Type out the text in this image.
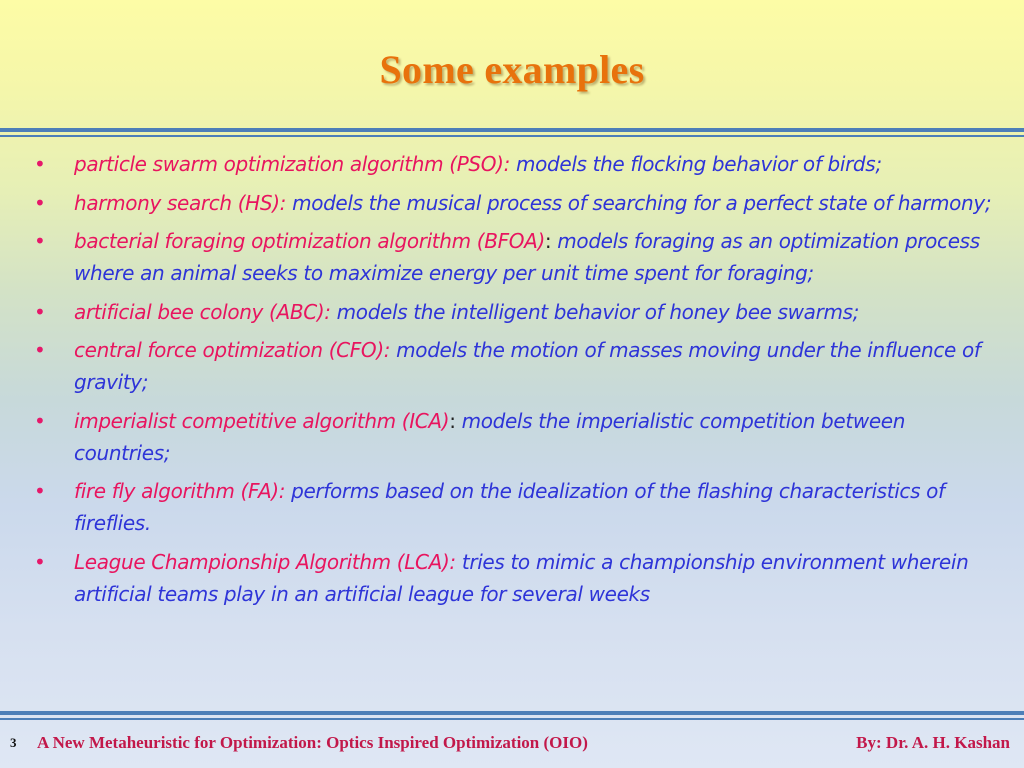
Some examples
• particle swarm optimization algorithm (PSO): models the flocking behavior of birds;
• harmony search (HS): models the musical process of searching for a perfect state of harmony;
• bacterial foraging optimization algorithm (BFOA): models foraging as an optimization process where an animal seeks to maximize energy per unit time spent for foraging;
• artificial bee colony (ABC): models the intelligent behavior of honey bee swarms;
• central force optimization (CFO): models the motion of masses moving under the influence of gravity;
• imperialist competitive algorithm (ICA): models the imperialistic competition between countries;
• fire fly algorithm (FA): performs based on the idealization of the flashing characteristics of fireflies.
• League Championship Algorithm (LCA): tries to mimic a championship environment wherein artificial teams play in an artificial league for several weeks
3 A New Metaheuristic for Optimization: Optics Inspired Optimization (OIO)	By: Dr. A. H. Kashan
